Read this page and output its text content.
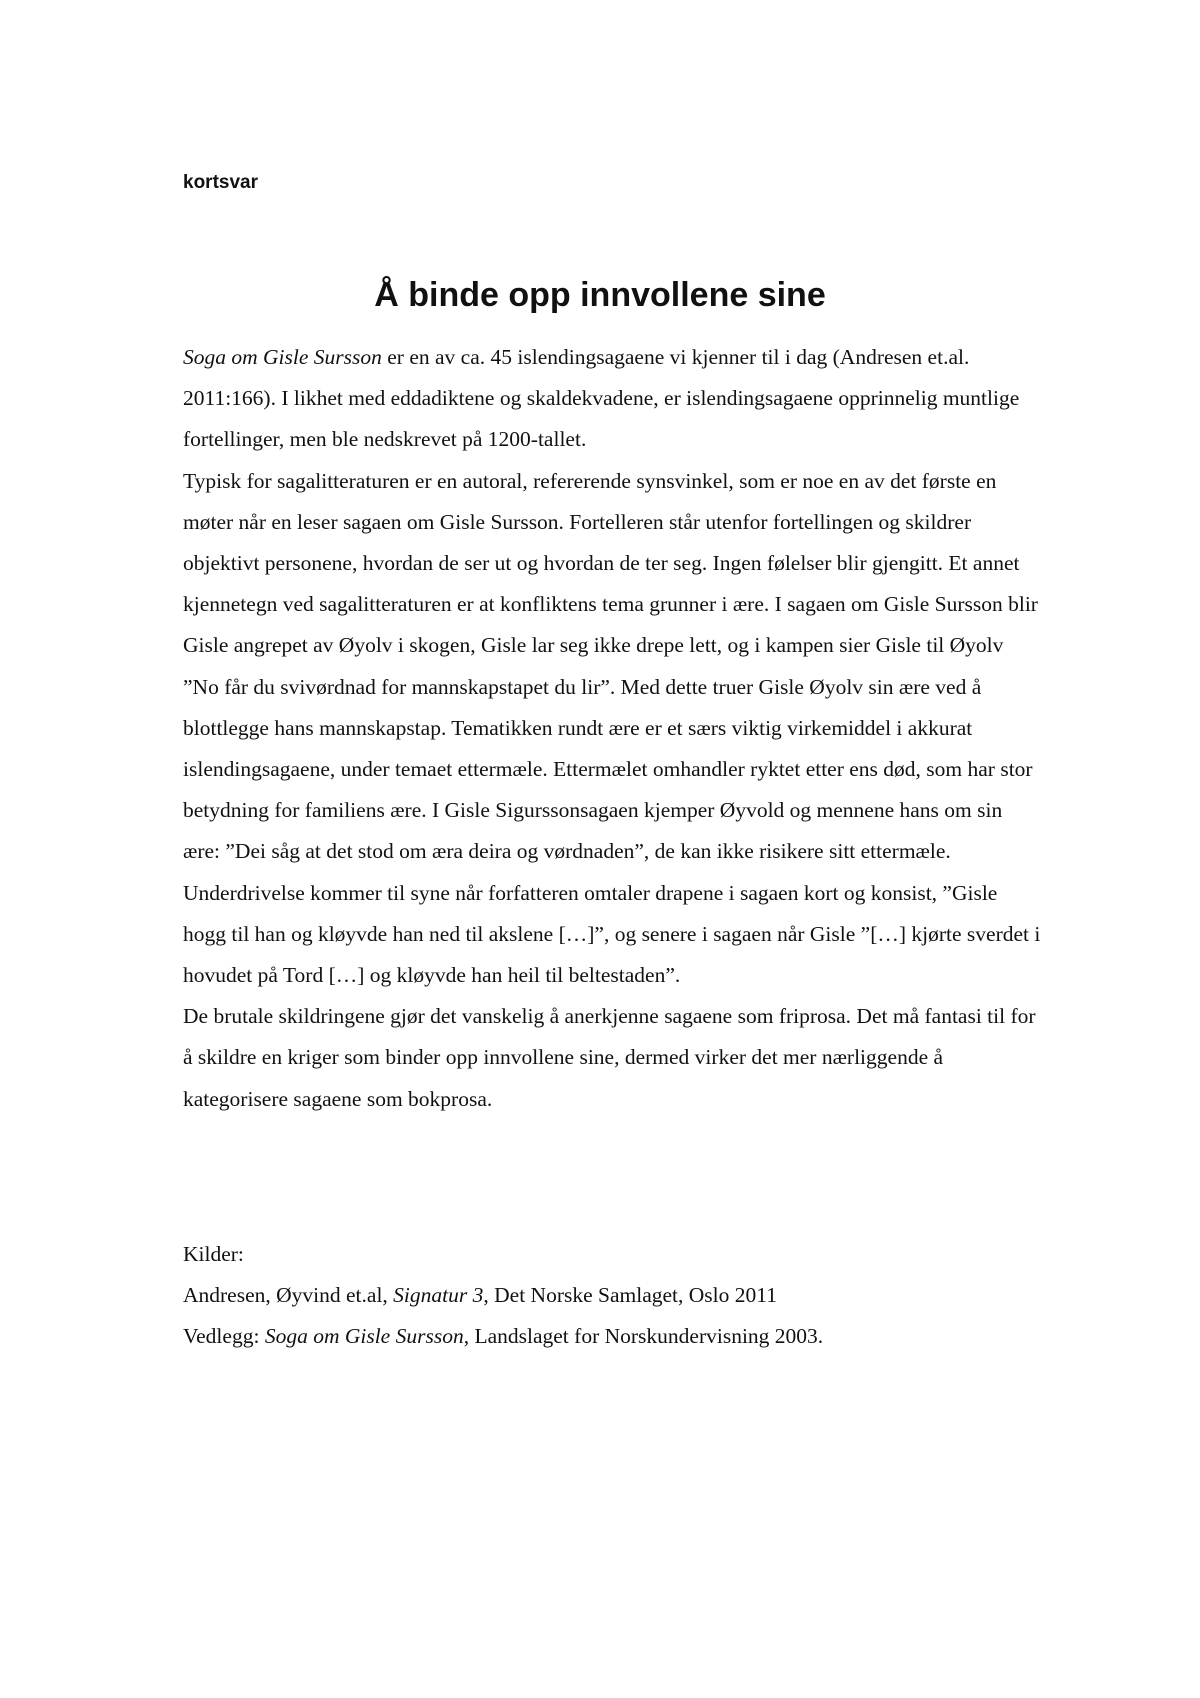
kortsvar

Å binde opp innvollene sine

Soga om Gisle Sursson er en av ca. 45 islendingsagaene vi kjenner til i dag (Andresen et.al. 2011:166). I likhet med eddadiktene og skaldekvadene, er islendingsagaene opprinnelig muntlige fortellinger, men ble nedskrevet på 1200-tallet.

Typisk for sagalitteraturen er en autoral, refererende synsvinkel, som er noe en av det første en møter når en leser sagaen om Gisle Sursson. Fortelleren står utenfor fortellingen og skildrer objektivt personene, hvordan de ser ut og hvordan de ter seg. Ingen følelser blir gjengitt. Et annet kjennetegn ved sagalitteraturen er at konfliktens tema grunner i ære. I sagaen om Gisle Sursson blir Gisle angrepet av Øyolv i skogen, Gisle lar seg ikke drepe lett, og i kampen sier Gisle til Øyolv ”No får du svivørdnad for mannskapstapet du lir”. Med dette truer Gisle Øyolv sin ære ved å blottlegge hans mannskapstap. Tematikken rundt ære er et særs viktig virkemiddel i akkurat islendingsagaene, under temaet ettermæle. Ettermælet omhandler ryktet etter ens død, som har stor betydning for familiens ære. I Gisle Sigurssonsagaen kjemper Øyvold og mennene hans om sin ære: ”Dei såg at det stod om æra deira og vørdnaden”, de kan ikke risikere sitt ettermæle.

Underdrivelse kommer til syne når forfatteren omtaler drapene i sagaen kort og konsist, ”Gisle hogg til han og kløyvde han ned til akslene […]”, og senere i sagaen når Gisle ”[…] kjørte sverdet i hovudet på Tord […] og kløyvde han heil til beltestaden”.

De brutale skildringene gjør det vanskelig å anerkjenne sagaene som friprosa. Det må fantasi til for å skildre en kriger som binder opp innvollene sine, dermed virker det mer nærliggende å kategorisere sagaene som bokprosa.

Kilder:

Andresen, Øyvind et.al, Signatur 3, Det Norske Samlaget, Oslo 2011

Vedlegg: Soga om Gisle Sursson, Landslaget for Norskundervisning 2003.
